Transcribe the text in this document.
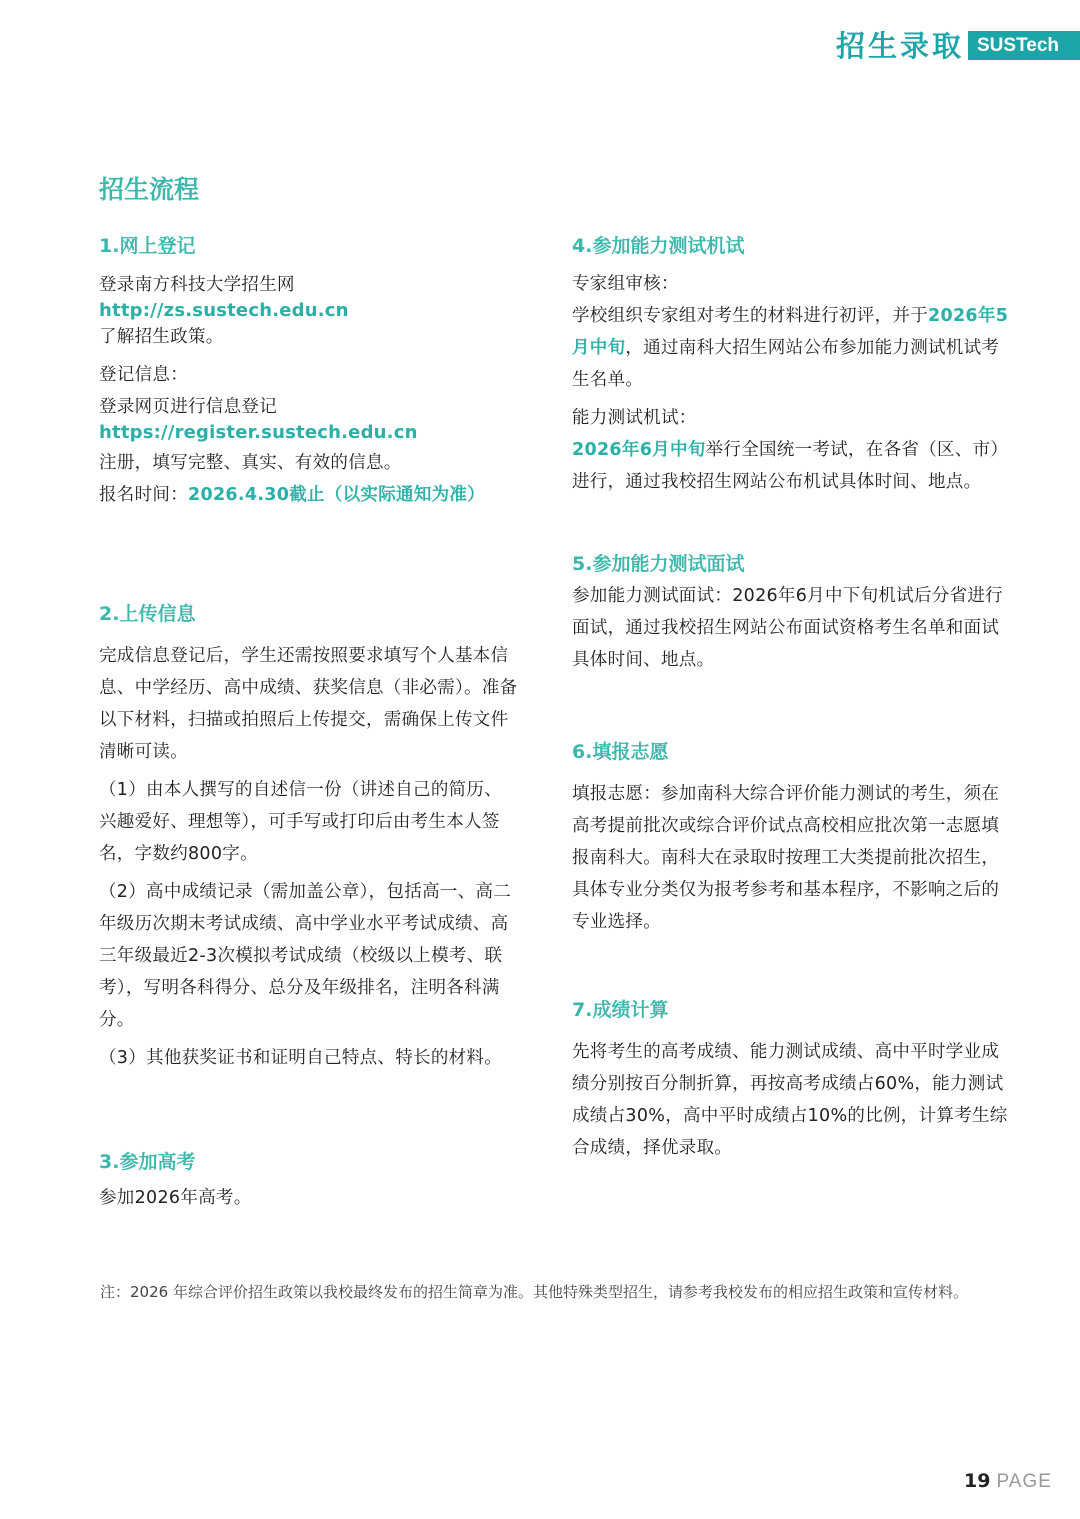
招生录取 SUSTech
招生流程
1.网上登记
登录南方科技大学招生网
http://zs.sustech.edu.cn
了解招生政策。
登记信息：
登录网页进行信息登记
https://register.sustech.edu.cn
注册，填写完整、真实、有效的信息。
报名时间：2026.4.30截止（以实际通知为准）
2.上传信息
完成信息登记后，学生还需按照要求填写个人基本信息、中学经历、高中成绩、获奖信息（非必需）。准备以下材料，扫描或拍照后上传提交，需确保上传文件清晰可读。
（1）由本人撰写的自述信一份（讲述自己的简历、兴趣爱好、理想等），可手写或打印后由考生本人签名，字数约800字。
（2）高中成绩记录（需加盖公章），包括高一、高二年级历次期末考试成绩、高中学业水平考试成绩、高三年级最近2-3次模拟考试成绩（校级以上模考、联考），写明各科得分、总分及年级排名，注明各科满分。
（3）其他获奖证书和证明自己特点、特长的材料。
3.参加高考
参加2026年高考。
4.参加能力测试机试
专家组审核：
学校组织专家组对考生的材料进行初评，并于2026年5月中旬，通过南科大招生网站公布参加能力测试机试考生名单。
能力测试机试：
2026年6月中旬举行全国统一考试，在各省（区、市）进行，通过我校招生网站公布机试具体时间、地点。
5.参加能力测试面试
参加能力测试面试：2026年6月中下旬机试后分省进行面试，通过我校招生网站公布面试资格考生名单和面试具体时间、地点。
6.填报志愿
填报志愿：参加南科大综合评价能力测试的考生，须在高考提前批次或综合评价试点高校相应批次第一志愿填报南科大。南科大在录取时按理工大类提前批次招生，具体专业分类仅为报考参考和基本程序，不影响之后的专业选择。
7.成绩计算
先将考生的高考成绩、能力测试成绩、高中平时学业成绩分别按百分制折算，再按高考成绩占60%，能力测试成绩占30%，高中平时成绩占10%的比例，计算考生综合成绩，择优录取。
注：2026 年综合评价招生政策以我校最终发布的招生简章为准。其他特殊类型招生，请参考我校发布的相应招生政策和宣传材料。
19 PAGE
